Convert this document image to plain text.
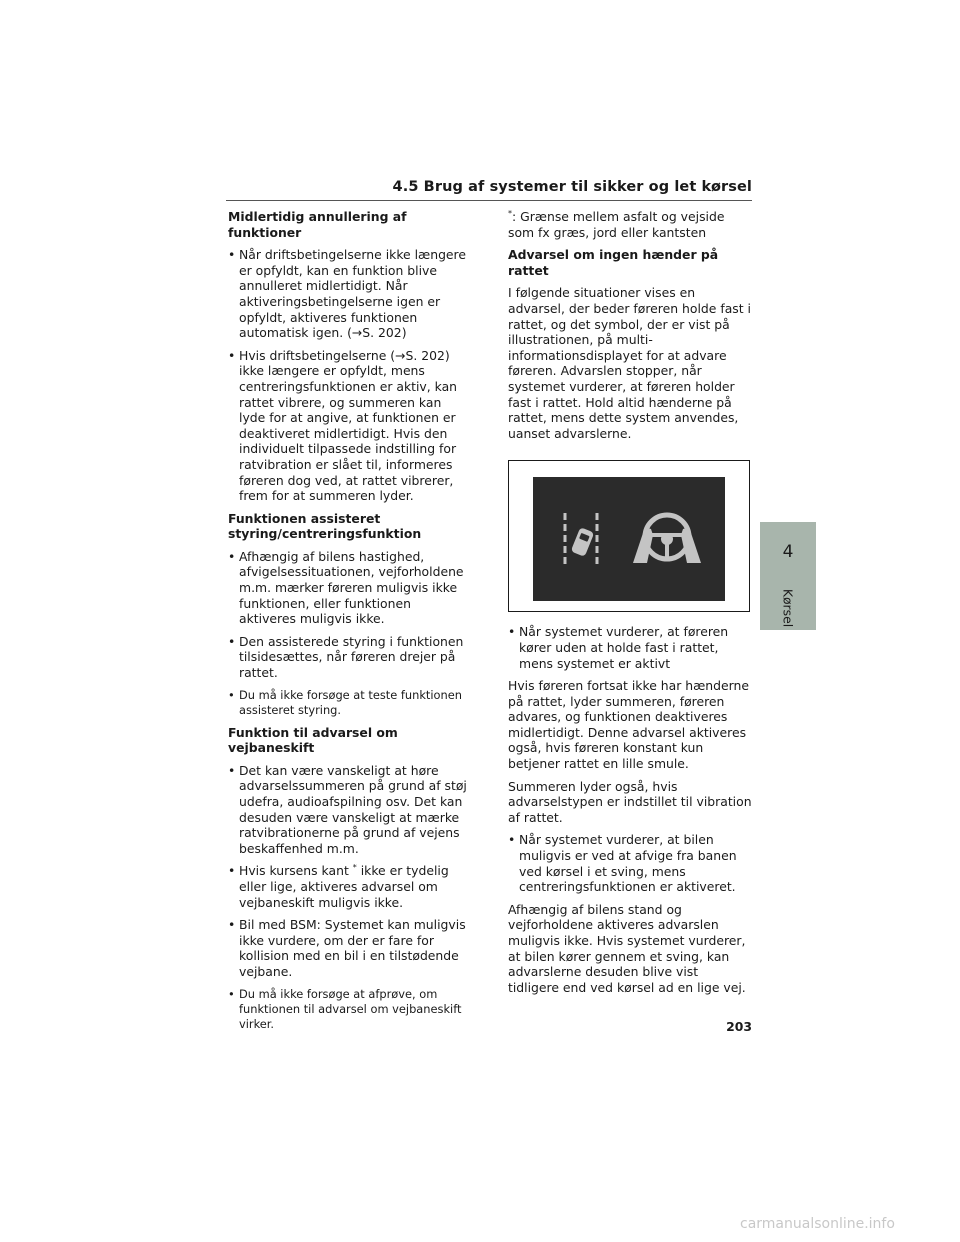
4.5 Brug af systemer til sikker og let kørsel
Midlertidig annullering af funktioner
• Når driftsbetingelserne ikke længere er opfyldt, kan en funktion blive annulleret midlertidigt. Når aktiveringsbetingelserne igen er opfyldt, aktiveres funktionen automatisk igen. (→S. 202)
• Hvis driftsbetingelserne (→S. 202) ikke længere er opfyldt, mens centreringsfunktionen er aktiv, kan rattet vibrere, og summeren kan lyde for at angive, at funktionen er deaktiveret midlertidigt. Hvis den individuelt tilpassede indstilling for ratvibration er slået til, informeres føreren dog ved, at rattet vibrerer, frem for at summeren lyder.
Funktionen assisteret styring/centreringsfunktion
• Afhængig af bilens hastighed, afvigelsessituationen, vejforholdene m.m. mærker føreren muligvis ikke funktionen, eller funktionen aktiveres muligvis ikke.
• Den assisterede styring i funktionen tilsidesættes, når føreren drejer på rattet.
• Du må ikke forsøge at teste funktionen assisteret styring.
Funktion til advarsel om vejbaneskift
• Det kan være vanskeligt at høre advarselssummeren på grund af støj udefra, audioafspilning osv. Det kan desuden være vanskeligt at mærke ratvibrationerne på grund af vejens beskaffenhed m.m.
• Hvis kursens kant * ikke er tydelig eller lige, aktiveres advarsel om vejbaneskift muligvis ikke.
• Bil med BSM: Systemet kan muligvis ikke vurdere, om der er fare for kollision med en bil i en tilstødende vejbane.
• Du må ikke forsøge at afprøve, om funktionen til advarsel om vejbaneskift virker.

*: Grænse mellem asfalt og vejside som fx græs, jord eller kantsten

Advarsel om ingen hænder på rattet

I følgende situationer vises en advarsel, der beder føreren holde fast i rattet, og det symbol, der er vist på illustrationen, på multi-informationsdisplayet for at advare føreren. Advarslen stopper, når systemet vurderer, at føreren holder fast i rattet. Hold altid hænderne på rattet, mens dette system anvendes, uanset advarslerne.

• Når systemet vurderer, at føreren kører uden at holde fast i rattet, mens systemet er aktivt

Hvis føreren fortsat ikke har hænderne på rattet, lyder summeren, føreren advares, og funktionen deaktiveres midlertidigt. Denne advarsel aktiveres også, hvis føreren konstant kun betjener rattet en lille smule.

Summeren lyder også, hvis advarselstypen er indstillet til vibration af rattet.

• Når systemet vurderer, at bilen muligvis er ved at afvige fra banen ved kørsel i et sving, mens centreringsfunktionen er aktiveret.

Afhængig af bilens stand og vejforholdene aktiveres advarslen muligvis ikke. Hvis systemet vurderer, at bilen kører gennem et sving, kan advarslerne desuden blive vist tidligere end ved kørsel ad en lige vej.

4
Kørsel
203
carmanualsonline.info
